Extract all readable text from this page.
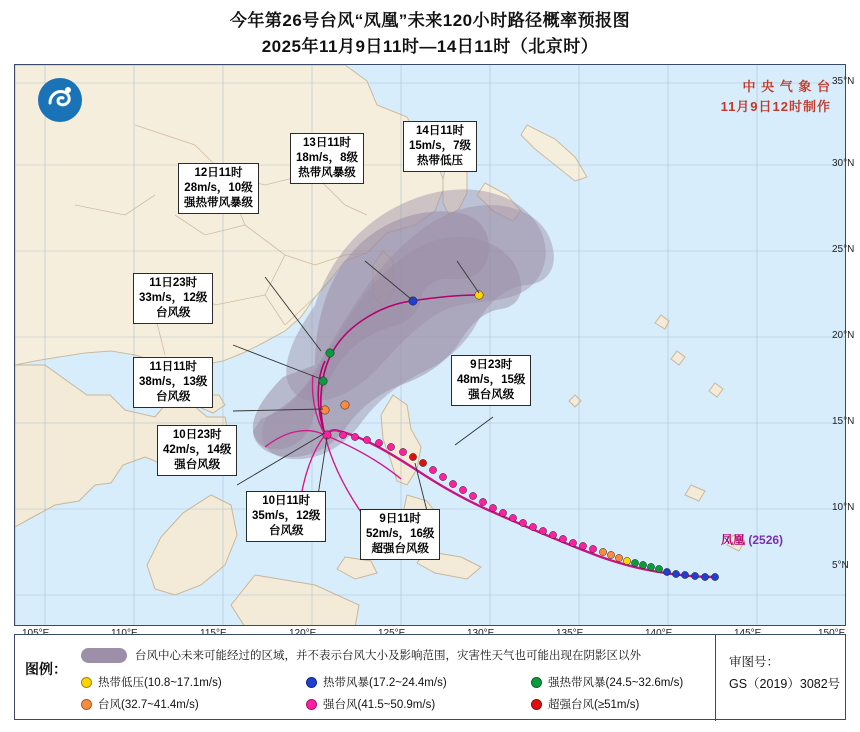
今年第26号台风“凤凰”未来120小时路径概率预报图
2025年11月9日11时—14日11时（北京时）
中 央 气 象 台
11月9日12时制作
14日11时
15m/s，7级
热带低压
13日11时
18m/s，8级
热带风暴级
12日11时
28m/s，10级
强热带风暴级
11日23时
33m/s，12级
台风级
11日11时
38m/s，13级
台风级
10日23时
42m/s，14级
强台风级
10日11时
35m/s，12级
台风级
9日11时
52m/s，16级
超强台风级
9日23时
48m/s，15级
强台风级
凤凰 (2526)
35°N
30°N
25°N
20°N
15°N
10°N
5°N
图例：
台风中心未来可能经过的区域，并不表示台风大小及影响范围，灾害性天气也可能出现在阴影区以外
热带低压(10.8~17.1m/s)	热带风暴(17.2~24.4m/s)	强热带风暴(24.5~32.6m/s)
台风(32.7~41.4m/s)	强台风(41.5~50.9m/s)	超强台风(≥51m/s)
审图号：
GS（2019）3082号
